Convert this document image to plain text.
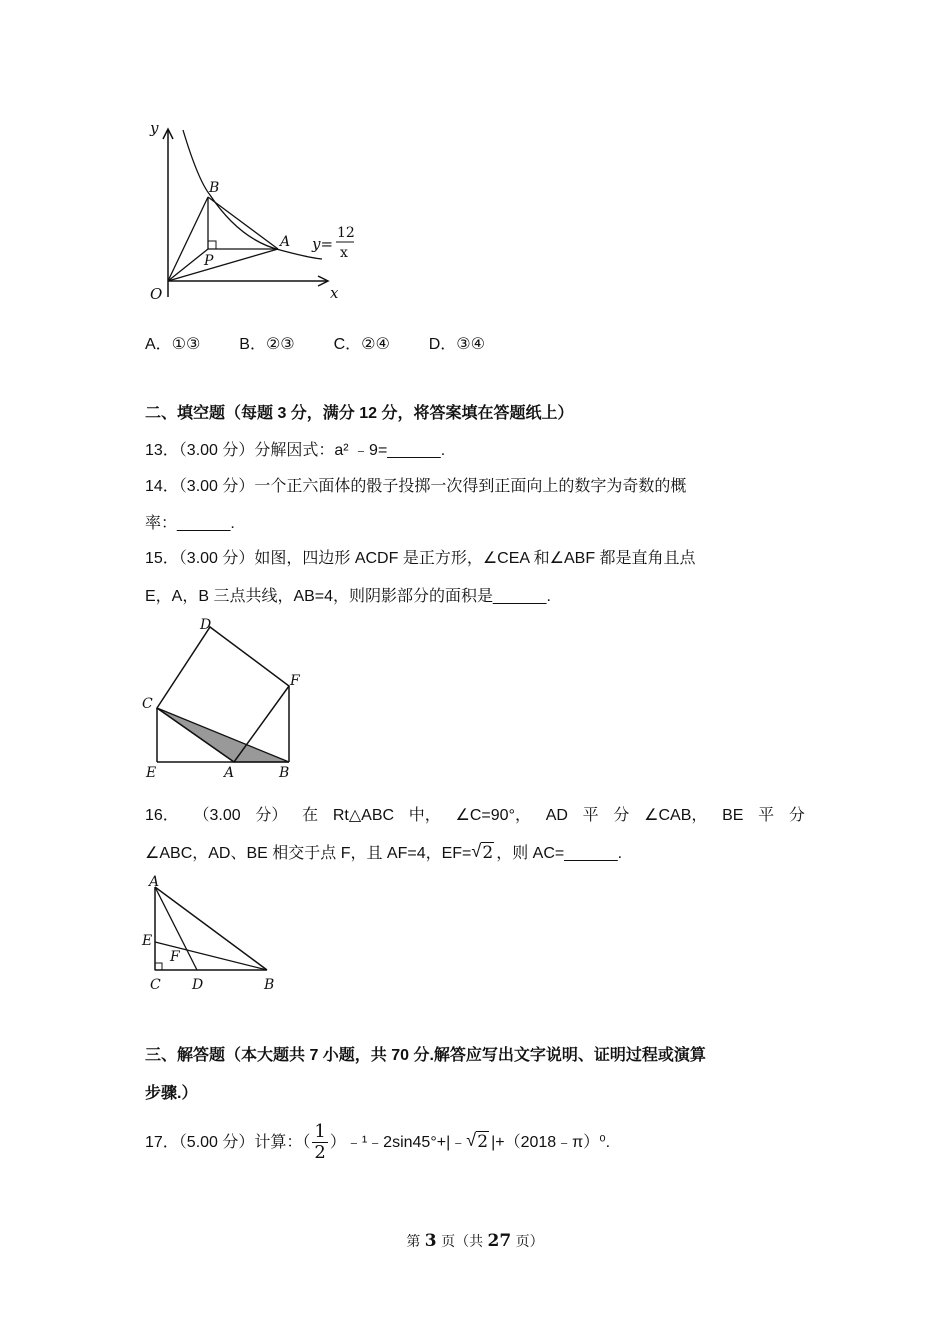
y
x
O
B
A
P
y=
12
x
A．①③ B．②③ C．②④ D．③④
二、填空题（每题 3 分，满分 12 分，将答案填在答题纸上）
13．（3.00 分）分解因式：a² ﹣9=______.
14．（3.00 分）一个正六面体的骰子投掷一次得到正面向上的数字为奇数的概
率：______.
15．（3.00 分）如图，四边形 ACDF 是正方形，∠CEA 和∠ABF 都是直角且点
E，A，B 三点共线，AB=4，则阴影部分的面积是______.
D
F
C
E	A	B
16． （3.00 分） 在 Rt△ABC 中， ∠C=90°， AD 平 分 ∠CAB， BE 平 分
∠ABC，AD、BE 相交于点 F，且 AF=4，EF= √ 2 ，则 AC=______.
A
E
F
C D	B
三、解答题（本大题共 7 小题，共 70 分.解答应写出文字说明、证明过程或演算
步骤.）
17．（5.00 分）计算：（ $\frac{1}{2}$ ）﹣¹﹣2sin45°+|﹣ √ 2 |+（2018﹣π）⁰.
第 3 页（共 27 页）
